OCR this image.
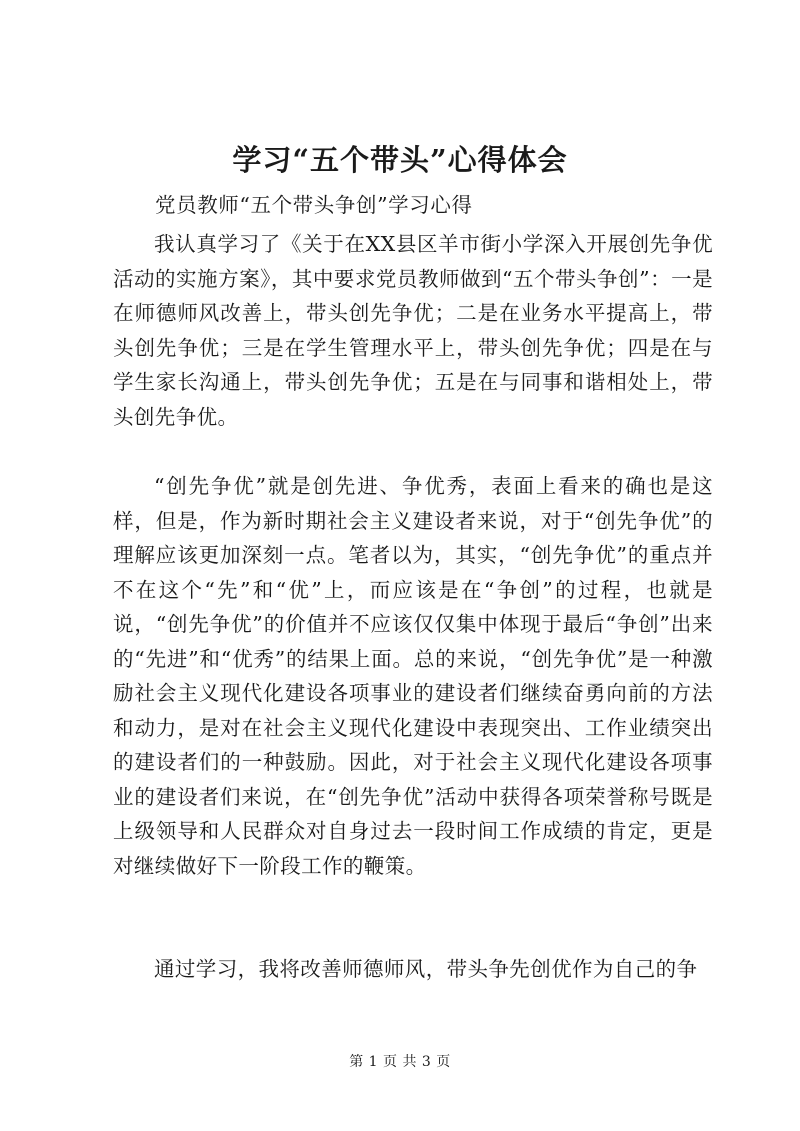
学习“五个带头”心得体会
党员教师“五个带头争创”学习心得

我认真学习了《关于在XX县区羊市街小学深入开展创先争优活动的实施方案》，其中要求党员教师做到“五个带头争创”：一是在师德师风改善上，带头创先争优；二是在业务水平提高上，带头创先争优；三是在学生管理水平上，带头创先争优；四是在与学生家长沟通上，带头创先争优；五是在与同事和谐相处上，带头创先争优。

“创先争优”就是创先进、争优秀，表面上看来的确也是这样，但是，作为新时期社会主义建设者来说，对于“创先争优”的理解应该更加深刻一点。笔者以为，其实，“创先争优”的重点并不在这个“先”和“优”上，而应该是在“争创”的过程，也就是说，“创先争优”的价值并不应该仅仅集中体现于最后“争创”出来的“先进”和“优秀”的结果上面。总的来说，“创先争优”是一种激励社会主义现代化建设各项事业的建设者们继续奋勇向前的方法和动力，是对在社会主义现代化建设中表现突出、工作业绩突出的建设者们的一种鼓励。因此，对于社会主义现代化建设各项事业的建设者们来说，在“创先争优”活动中获得各项荣誉称号既是上级领导和人民群众对自身过去一段时间工作成绩的肯定，更是对继续做好下一阶段工作的鞭策。

通过学习，我将改善师德师风，带头争先创优作为自己的争

第 1 页 共 3 页
